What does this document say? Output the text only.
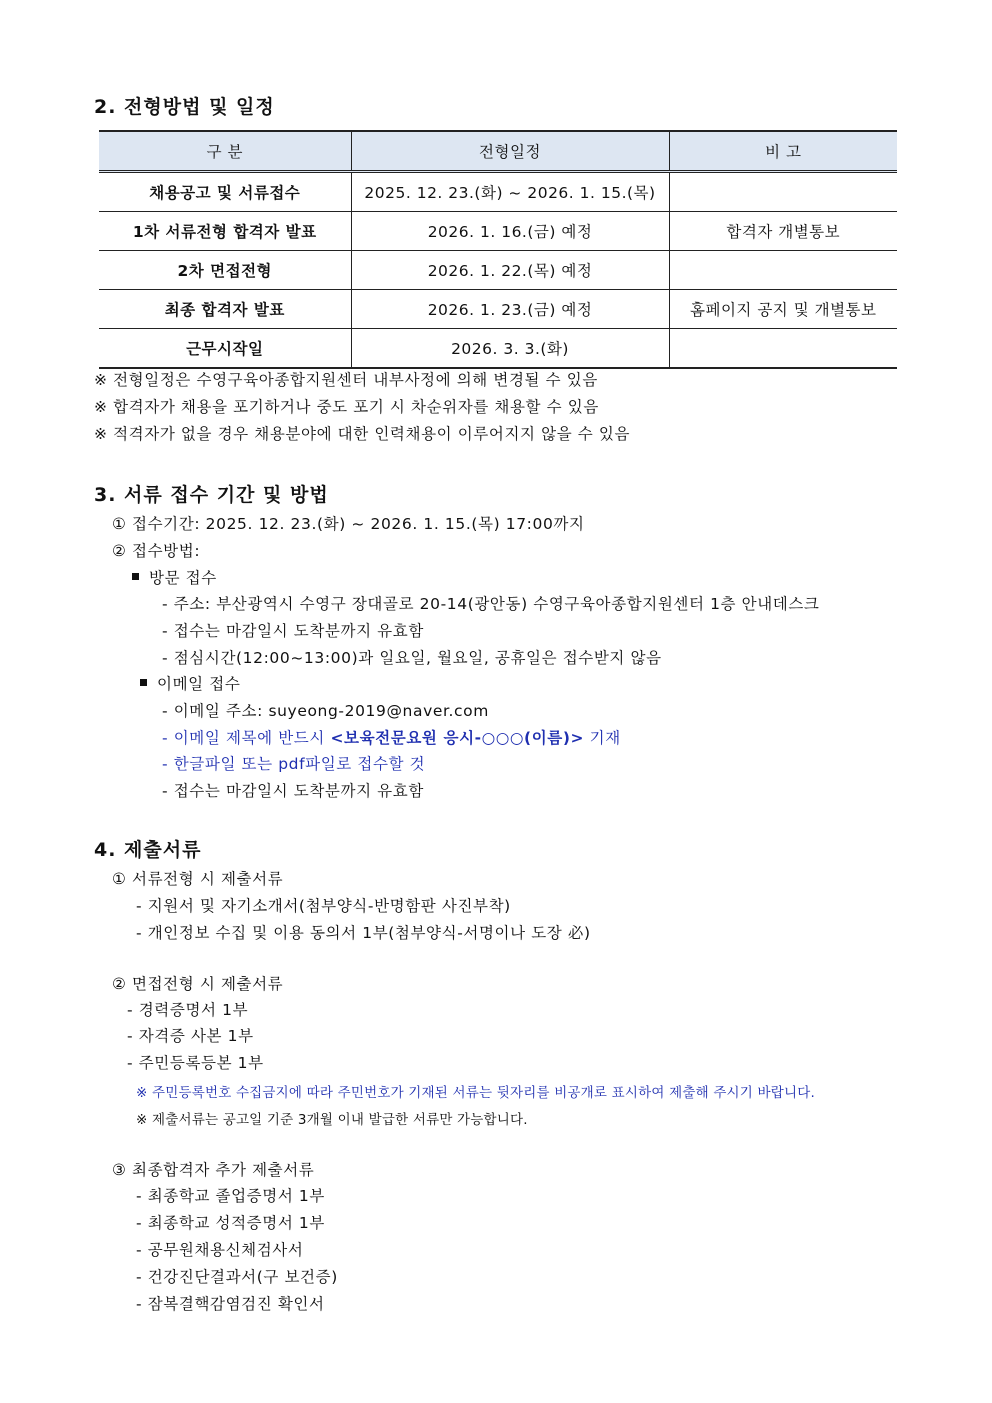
2. 전형방법 및 일정
구 분	전형일정	비 고
채용공고 및 서류접수	2025. 12. 23.(화) ~ 2026. 1. 15.(목)	
1차 서류전형 합격자 발표	2026. 1. 16.(금) 예정	합격자 개별통보
2차 면접전형	2026. 1. 22.(목) 예정	
최종 합격자 발표	2026. 1. 23.(금) 예정	홈페이지 공지 및 개별통보
근무시작일	2026. 3. 3.(화)	
※ 전형일정은 수영구육아종합지원센터 내부사정에 의해 변경될 수 있음
※ 합격자가 채용을 포기하거나 중도 포기 시 차순위자를 채용할 수 있음
※ 적격자가 없을 경우 채용분야에 대한 인력채용이 이루어지지 않을 수 있음
3. 서류 접수 기간 및 방법
① 접수기간: 2025. 12. 23.(화) ~ 2026. 1. 15.(목) 17:00까지
② 접수방법:
방문 접수
- 주소: 부산광역시 수영구 장대골로 20-14(광안동) 수영구육아종합지원센터 1층 안내데스크
- 접수는 마감일시 도착분까지 유효함
- 점심시간(12:00~13:00)과 일요일, 월요일, 공휴일은 접수받지 않음
이메일 접수
- 이메일 주소: suyeong-2019@naver.com
- 이메일 제목에 반드시 <보육전문요원 응시-○○○(이름)> 기재
- 한글파일 또는 pdf파일로 접수할 것
- 접수는 마감일시 도착분까지 유효함
4. 제출서류
① 서류전형 시 제출서류
- 지원서 및 자기소개서(첨부양식-반명함판 사진부착)
- 개인정보 수집 및 이용 동의서 1부(첨부양식-서명이나 도장 必)
② 면접전형 시 제출서류
- 경력증명서 1부
- 자격증 사본 1부
- 주민등록등본 1부
※ 주민등록번호 수집금지에 따라 주민번호가 기재된 서류는 뒷자리를 비공개로 표시하여 제출해 주시기 바랍니다.
※ 제출서류는 공고일 기준 3개월 이내 발급한 서류만 가능합니다.
③ 최종합격자 추가 제출서류
- 최종학교 졸업증명서 1부
- 최종학교 성적증명서 1부
- 공무원채용신체검사서
- 건강진단결과서(구 보건증)
- 잠복결핵감염검진 확인서
